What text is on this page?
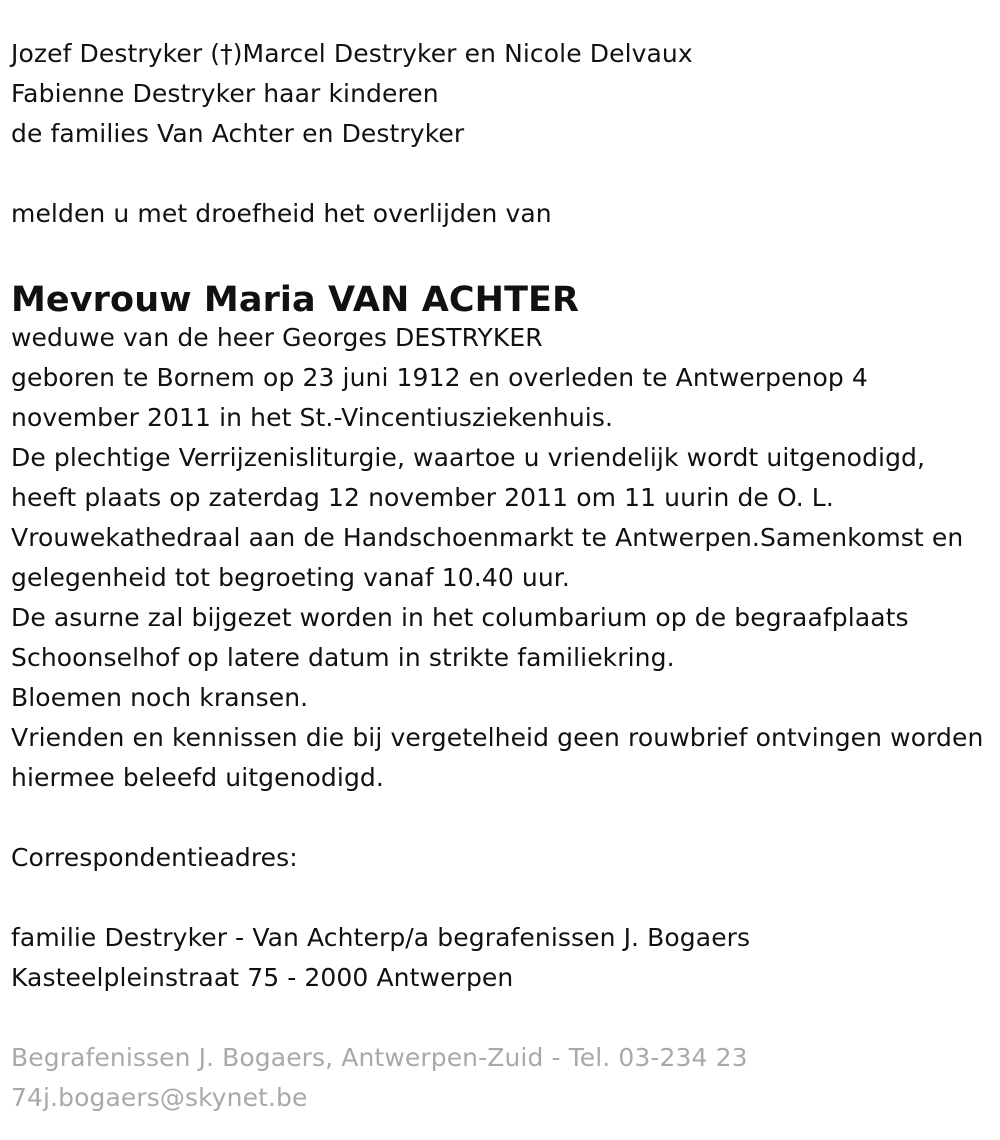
Jozef Destryker (†)Marcel Destryker en Nicole Delvaux
Fabienne Destryker haar kinderen
de families Van Achter en Destryker
melden u met droefheid het overlijden van
Mevrouw Maria VAN ACHTER
weduwe van de heer Georges DESTRYKER
geboren te Bornem op 23 juni 1912 en overleden te Antwerpenop 4 november 2011 in het St.-Vincentiusziekenhuis.
De plechtige Verrijzenisliturgie, waartoe u vriendelijk wordt uitgenodigd, heeft plaats op zaterdag 12 november 2011 om 11 uurin de O. L. Vrouwekathedraal aan de Handschoenmarkt te Antwerpen.Samenkomst en gelegenheid tot begroeting vanaf 10.40 uur.
De asurne zal bijgezet worden in het columbarium op de begraafplaats Schoonselhof op latere datum in strikte familiekring.
Bloemen noch kransen.
Vrienden en kennissen die bij vergetelheid geen rouwbrief ontvingen worden hiermee beleefd uitgenodigd.
Correspondentieadres:
familie Destryker - Van Achterp/a begrafenissen J. Bogaers
Kasteelpleinstraat 75 - 2000 Antwerpen
Begrafenissen J. Bogaers, Antwerpen-Zuid - Tel. 03-234 23
74j.bogaers@skynet.be
